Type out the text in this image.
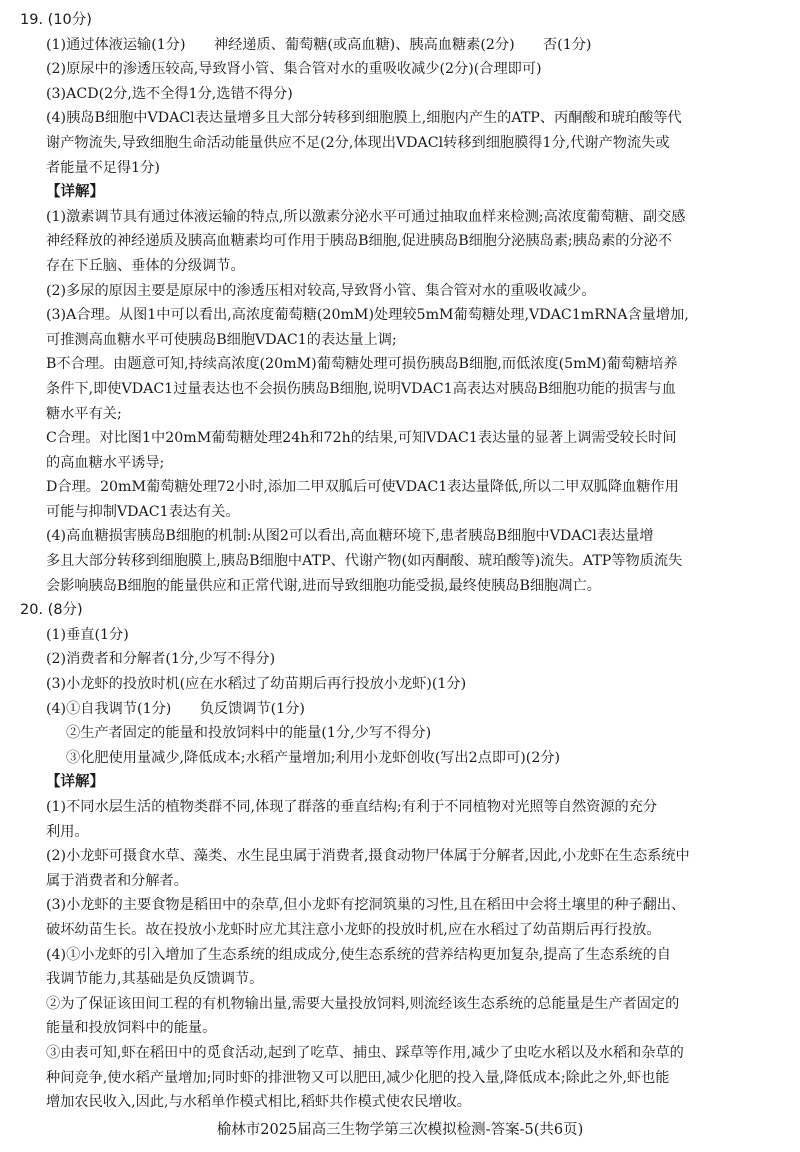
19. (10分)
(1)通过体液运输(1分)　　神经递质、葡萄糖(或高血糖)、胰高血糖素(2分)　　否(1分)
(2)原尿中的渗透压较高,导致肾小管、集合管对水的重吸收减少(2分)(合理即可)
(3)ACD(2分,选不全得1分,选错不得分)
(4)胰岛B细胞中VDACl表达量增多且大部分转移到细胞膜上,细胞内产生的ATP、丙酮酸和琥珀酸等代
谢产物流失,导致细胞生命活动能量供应不足(2分,体现出VDACl转移到细胞膜得1分,代谢产物流失或
者能量不足得1分)
【详解】
(1)激素调节具有通过体液运输的特点,所以激素分泌水平可通过抽取血样来检测;高浓度葡萄糖、副交感
神经释放的神经递质及胰高血糖素均可作用于胰岛B细胞,促进胰岛B细胞分泌胰岛素;胰岛素的分泌不
存在下丘脑、垂体的分级调节。
(2)多尿的原因主要是原尿中的渗透压相对较高,导致肾小管、集合管对水的重吸收减少。
(3)A合理。从图1中可以看出,高浓度葡萄糖(20mM)处理较5mM葡萄糖处理,VDAC1mRNA含量增加,
可推测高血糖水平可使胰岛B细胞VDAC1的表达量上调;
B不合理。由题意可知,持续高浓度(20mM)葡萄糖处理可损伤胰岛B细胞,而低浓度(5mM)葡萄糖培养
条件下,即使VDAC1过量表达也不会损伤胰岛B细胞,说明VDAC1高表达对胰岛B细胞功能的损害与血
糖水平有关;
C合理。对比图1中20mM葡萄糖处理24h和72h的结果,可知VDAC1表达量的显著上调需受较长时间
的高血糖水平诱导;
D合理。20mM葡萄糖处理72小时,添加二甲双胍后可使VDAC1表达量降低,所以二甲双胍降血糖作用
可能与抑制VDAC1表达有关。
(4)高血糖损害胰岛B细胞的机制:从图2可以看出,高血糖环境下,患者胰岛B细胞中VDACl表达量增
多且大部分转移到细胞膜上,胰岛B细胞中ATP、代谢产物(如丙酮酸、琥珀酸等)流失。ATP等物质流失
会影响胰岛B细胞的能量供应和正常代谢,进而导致细胞功能受损,最终使胰岛B细胞凋亡。
20. (8分)
(1)垂直(1分)
(2)消费者和分解者(1分,少写不得分)
(3)小龙虾的投放时机(应在水稻过了幼苗期后再行投放小龙虾)(1分)
(4)①自我调节(1分)　　负反馈调节(1分)
②生产者固定的能量和投放饲料中的能量(1分,少写不得分)
③化肥使用量减少,降低成本;水稻产量增加;利用小龙虾创收(写出2点即可)(2分)
【详解】
(1)不同水层生活的植物类群不同,体现了群落的垂直结构;有利于不同植物对光照等自然资源的充分
利用。
(2)小龙虾可摄食水草、藻类、水生昆虫属于消费者,摄食动物尸体属于分解者,因此,小龙虾在生态系统中
属于消费者和分解者。
(3)小龙虾的主要食物是稻田中的杂草,但小龙虾有挖洞筑巢的习性,且在稻田中会将土壤里的种子翻出、
破坏幼苗生长。故在投放小龙虾时应尤其注意小龙虾的投放时机,应在水稻过了幼苗期后再行投放。
(4)①小龙虾的引入增加了生态系统的组成成分,使生态系统的营养结构更加复杂,提高了生态系统的自
我调节能力,其基础是负反馈调节。
②为了保证该田间工程的有机物输出量,需要大量投放饲料,则流经该生态系统的总能量是生产者固定的
能量和投放饲料中的能量。
③由表可知,虾在稻田中的觅食活动,起到了吃草、捕虫、踩草等作用,减少了虫吃水稻以及水稻和杂草的
种间竞争,使水稻产量增加;同时虾的排泄物又可以肥田,减少化肥的投入量,降低成本;除此之外,虾也能
增加农民收入,因此,与水稻单作模式相比,稻虾共作模式使农民增收。
榆林市2025届高三生物学第三次模拟检测-答案-5(共6页)
